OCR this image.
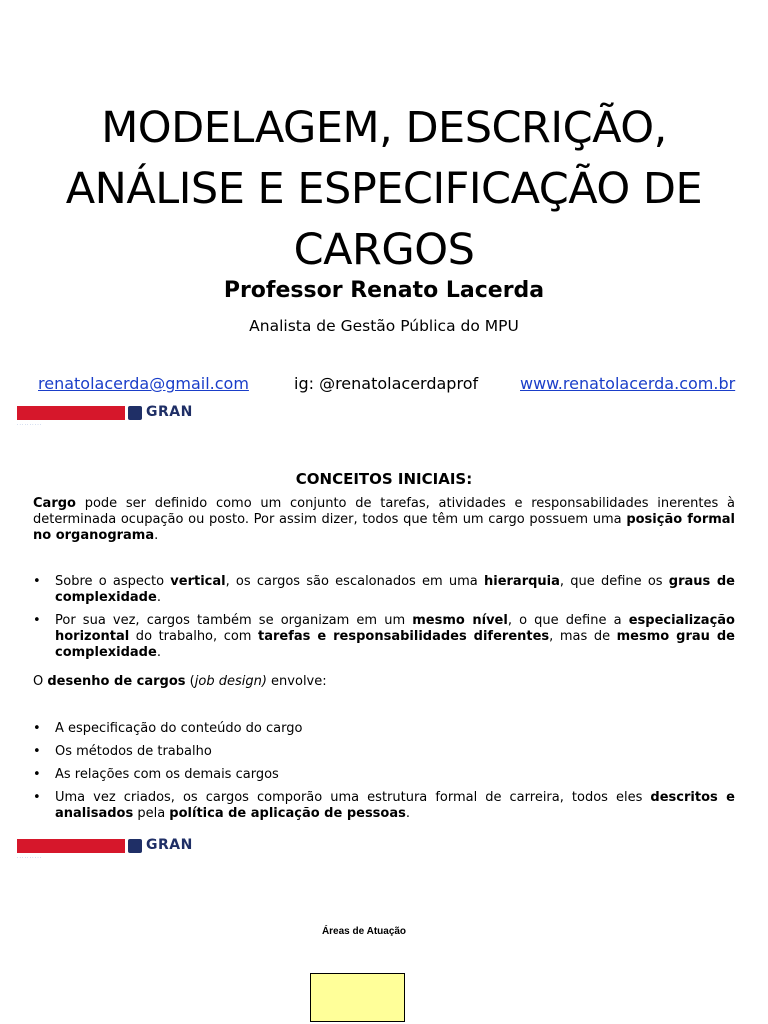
MODELAGEM, DESCRIÇÃO,
ANÁLISE E ESPECIFICAÇÃO DE
CARGOS
Professor Renato Lacerda
Analista de Gestão Pública do MPU
renatolacerda@gmail.com	ig: @renatolacerdaprof	www.renatolacerda.com.br
· · · · · · · · · ·
GRAN
CONCEITOS INICIAIS:
Cargo pode ser definido como um conjunto de tarefas, atividades e responsabilidades inerentes à determinada ocupação ou posto. Por assim dizer, todos que têm um cargo possuem uma posição formal no organograma.
• Sobre o aspecto vertical, os cargos são escalonados em uma hierarquia, que define os graus de complexidade.
• Por sua vez, cargos também se organizam em um mesmo nível, o que define a especialização horizontal do trabalho, com tarefas e responsabilidades diferentes, mas de mesmo grau de complexidade.
O desenho de cargos (job design) envolve:
• A especificação do conteúdo do cargo
• Os métodos de trabalho
• As relações com os demais cargos
• Uma vez criados, os cargos comporão uma estrutura formal de carreira, todos eles descritos e analisados pela política de aplicação de pessoas.
· · · · · · · · · ·
GRAN
Áreas de Atuação
